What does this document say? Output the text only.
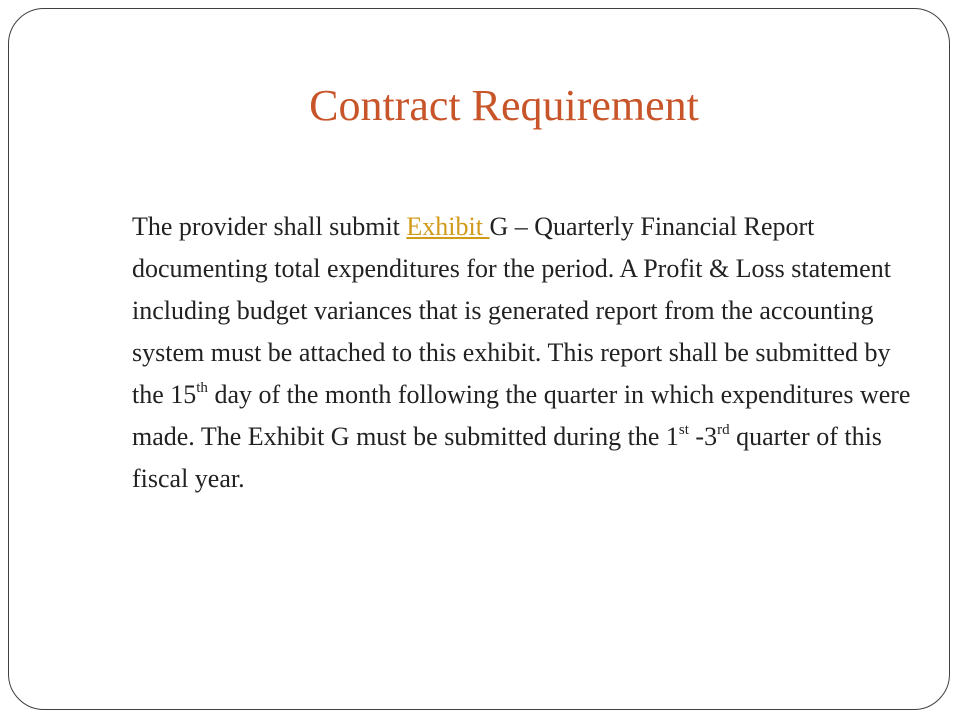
Contract Requirement

The provider shall submit Exhibit G – Quarterly Financial Report documenting total expenditures for the period. A Profit & Loss statement including budget variances that is generated report from the accounting system must be attached to this exhibit. This report shall be submitted by the 15th day of the month following the quarter in which expenditures were made. The Exhibit G must be submitted during the 1st -3rd quarter of this fiscal year.
